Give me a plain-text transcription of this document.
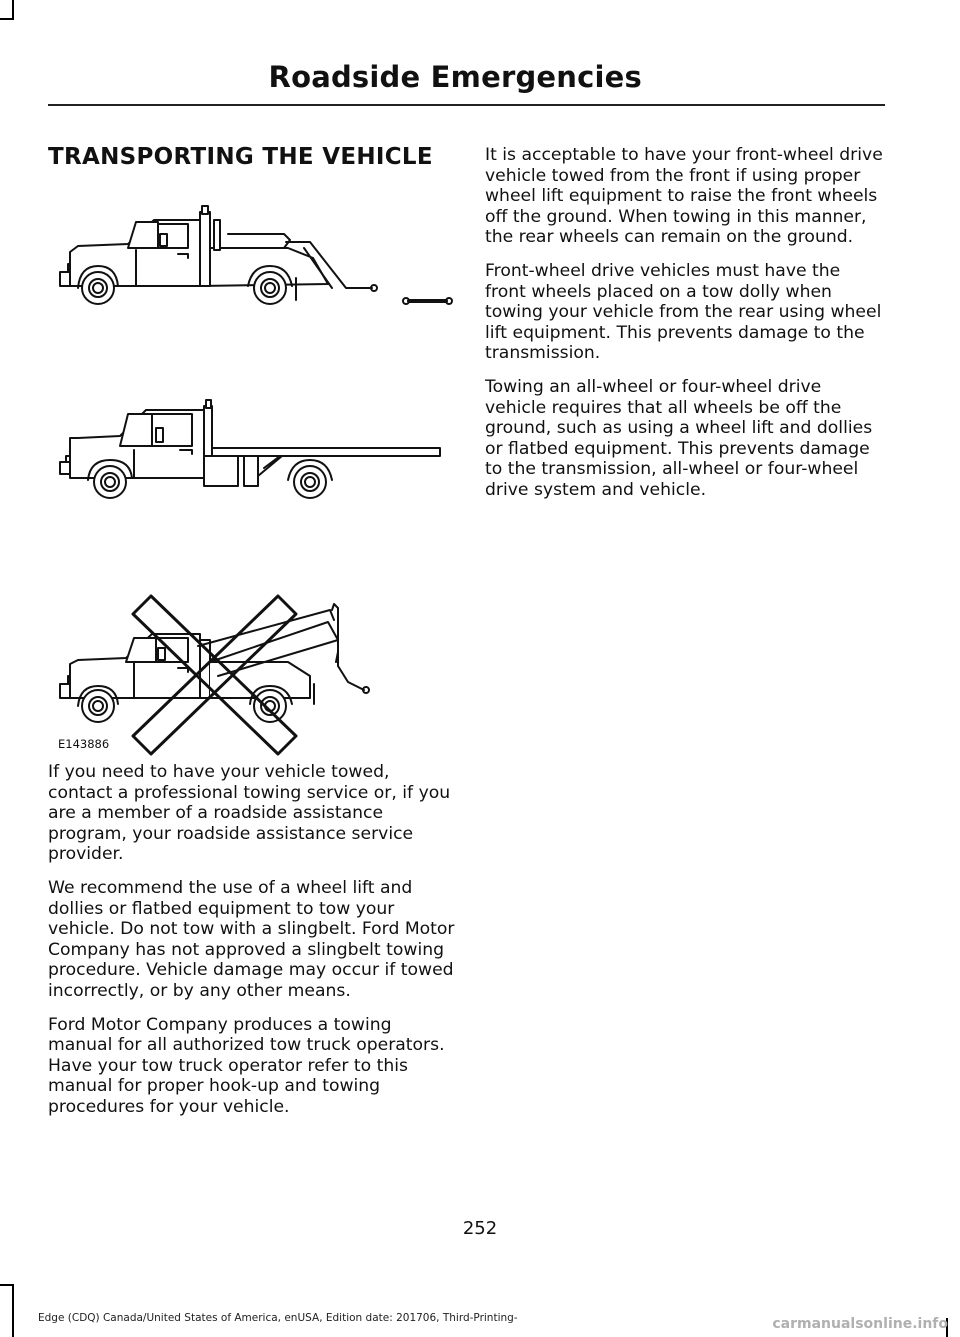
Roadside Emergencies
TRANSPORTING THE VEHICLE
E143886

If you need to have your vehicle towed, contact a professional towing service or, if you are a member of a roadside assistance program, your roadside assistance service provider.

We recommend the use of a wheel lift and dollies or flatbed equipment to tow your vehicle. Do not tow with a slingbelt. Ford Motor Company has not approved a slingbelt towing procedure. Vehicle damage may occur if towed incorrectly, or by any other means.

Ford Motor Company produces a towing manual for all authorized tow truck operators. Have your tow truck operator refer to this manual for proper hook-up and towing procedures for your vehicle.

It is acceptable to have your front-wheel drive vehicle towed from the front if using proper wheel lift equipment to raise the front wheels off the ground. When towing in this manner, the rear wheels can remain on the ground.

Front-wheel drive vehicles must have the front wheels placed on a tow dolly when towing your vehicle from the rear using wheel lift equipment. This prevents damage to the transmission.

Towing an all-wheel or four-wheel drive vehicle requires that all wheels be off the ground, such as using a wheel lift and dollies or flatbed equipment. This prevents damage to the transmission, all-wheel or four-wheel drive system and vehicle.

252
Edge (CDQ) Canada/United States of America, enUSA, Edition date: 201706, Third-Printing-	carmanualsonline.info
